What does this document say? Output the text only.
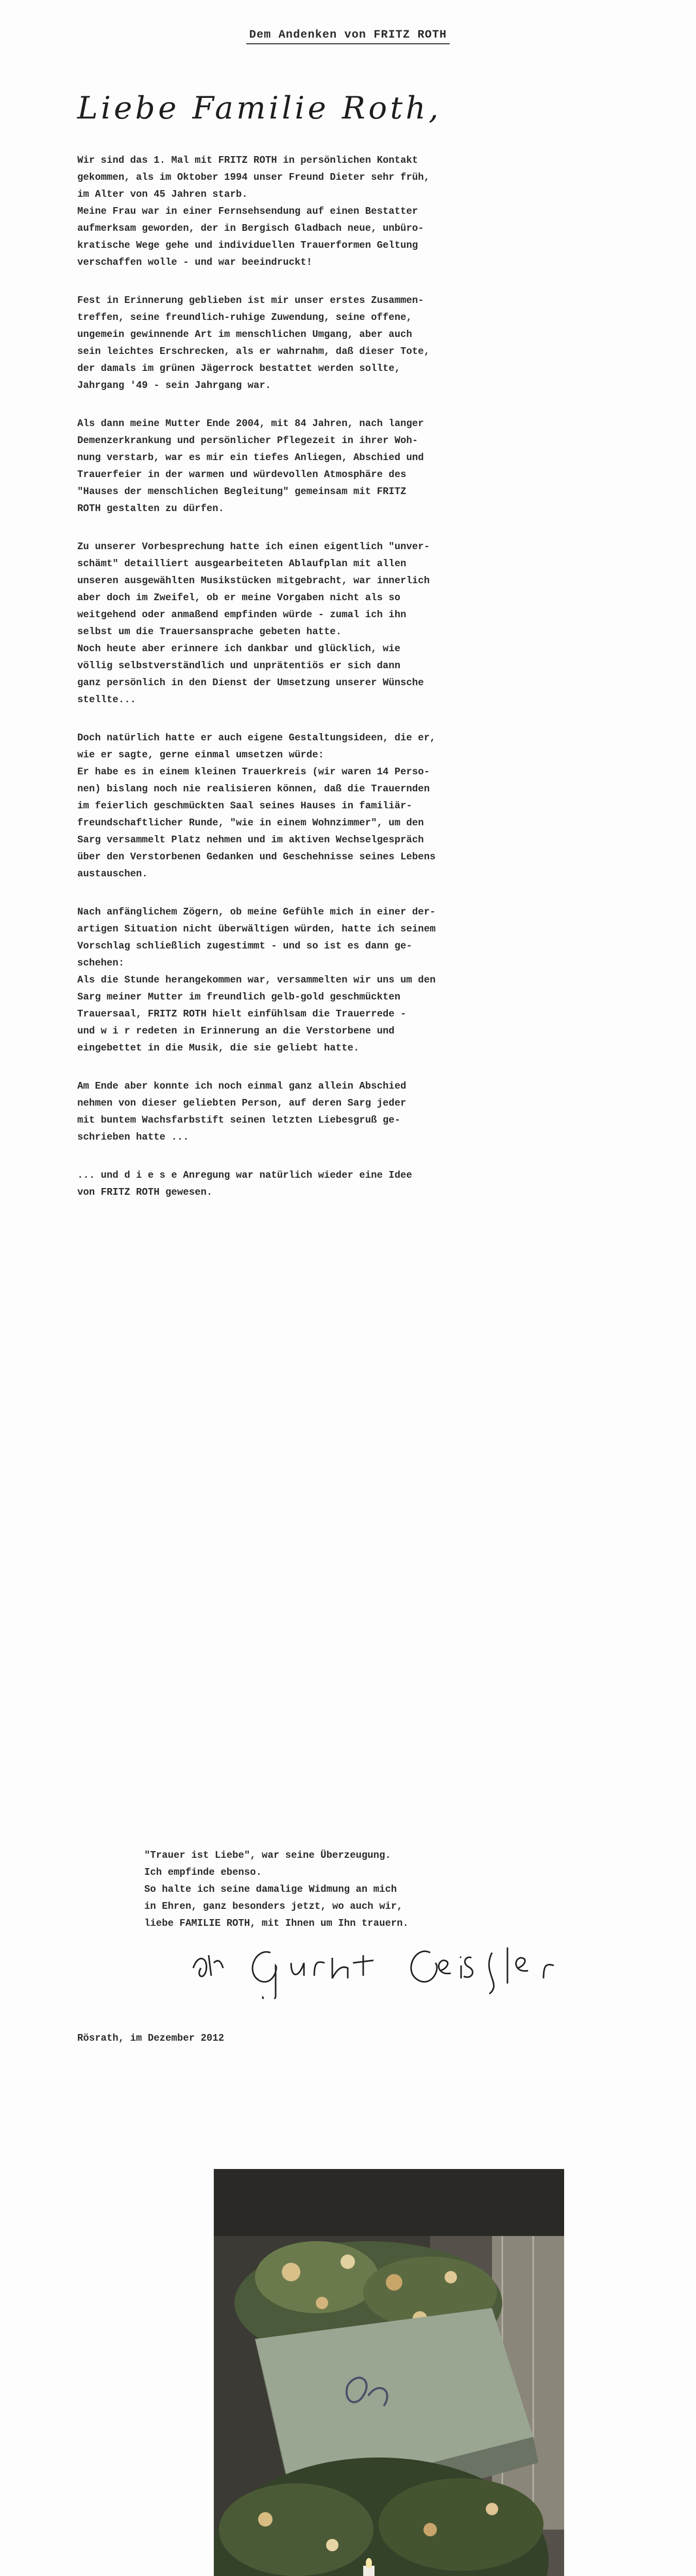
Dem Andenken von FRITZ ROTH
Liebe Familie Roth,

Wir sind das 1. Mal mit FRITZ ROTH in persönlichen Kontakt
gekommen, als im Oktober 1994 unser Freund Dieter sehr früh,
im Alter von 45 Jahren starb.
Meine Frau war in einer Fernsehsendung auf einen Bestatter
aufmerksam geworden, der in Bergisch Gladbach neue, unbüro-
kratische Wege gehe und individuellen Trauerformen Geltung
verschaffen wolle - und war beeindruckt!

Fest in Erinnerung geblieben ist mir unser erstes Zusammen-
treffen, seine freundlich-ruhige Zuwendung, seine offene,
ungemein gewinnende Art im menschlichen Umgang, aber auch
sein leichtes Erschrecken, als er wahrnahm, daß dieser Tote,
der damals im grünen Jägerrock bestattet werden sollte,
Jahrgang '49 - sein Jahrgang war.

Als dann meine Mutter Ende 2004, mit 84 Jahren, nach langer
Demenzerkrankung und persönlicher Pflegezeit in ihrer Woh-
nung verstarb, war es mir ein tiefes Anliegen, Abschied und
Trauerfeier in der warmen und würdevollen Atmosphäre des
"Hauses der menschlichen Begleitung" gemeinsam mit FRITZ
ROTH gestalten zu dürfen.

Zu unserer Vorbesprechung hatte ich einen eigentlich "unver-
schämt" detailliert ausgearbeiteten Ablaufplan mit allen
unseren ausgewählten Musikstücken mitgebracht, war innerlich
aber doch im Zweifel, ob er meine Vorgaben nicht als so
weitgehend oder anmaßend empfinden würde - zumal ich ihn
selbst um die Trauersansprache gebeten hatte.
Noch heute aber erinnere ich dankbar und glücklich, wie
völlig selbstverständlich und unprätentiös er sich dann
ganz persönlich in den Dienst der Umsetzung unserer Wünsche
stellte...

Doch natürlich hatte er auch eigene Gestaltungsideen, die er,
wie er sagte, gerne einmal umsetzen würde:
Er habe es in einem kleinen Trauerkreis (wir waren 14 Perso-
nen) bislang noch nie realisieren können, daß die Trauernden
im feierlich geschmückten Saal seines Hauses in familiär-
freundschaftlicher Runde, "wie in einem Wohnzimmer", um den
Sarg versammelt Platz nehmen und im aktiven Wechselgespräch
über den Verstorbenen Gedanken und Geschehnisse seines Lebens
austauschen.

Nach anfänglichem Zögern, ob meine Gefühle mich in einer der-
artigen Situation nicht überwältigen würden, hatte ich seinem
Vorschlag schließlich zugestimmt - und so ist es dann ge-
schehen:
Als die Stunde herangekommen war, versammelten wir uns um den
Sarg meiner Mutter im freundlich gelb-gold geschmückten
Trauersaal, FRITZ ROTH hielt einfühlsam die Trauerrede -
und w i r redeten in Erinnerung an die Verstorbene und
eingebettet in die Musik, die sie geliebt hatte.

Am Ende aber konnte ich noch einmal ganz allein Abschied
nehmen von dieser geliebten Person, auf deren Sarg jeder
mit buntem Wachsfarbstift seinen letzten Liebesgruß ge-
schrieben hatte ...

... und d i e s e Anregung war natürlich wieder eine Idee
von FRITZ ROTH gewesen.

"Trauer ist Liebe", war seine Überzeugung.

Ich empfinde ebenso.

So halte ich seine damalige Widmung an mich

in Ehren, ganz besonders jetzt, wo auch wir,

liebe FAMILIE ROTH, mit Ihnen um Ihn trauern.

Rösrath, im Dezember 2012
